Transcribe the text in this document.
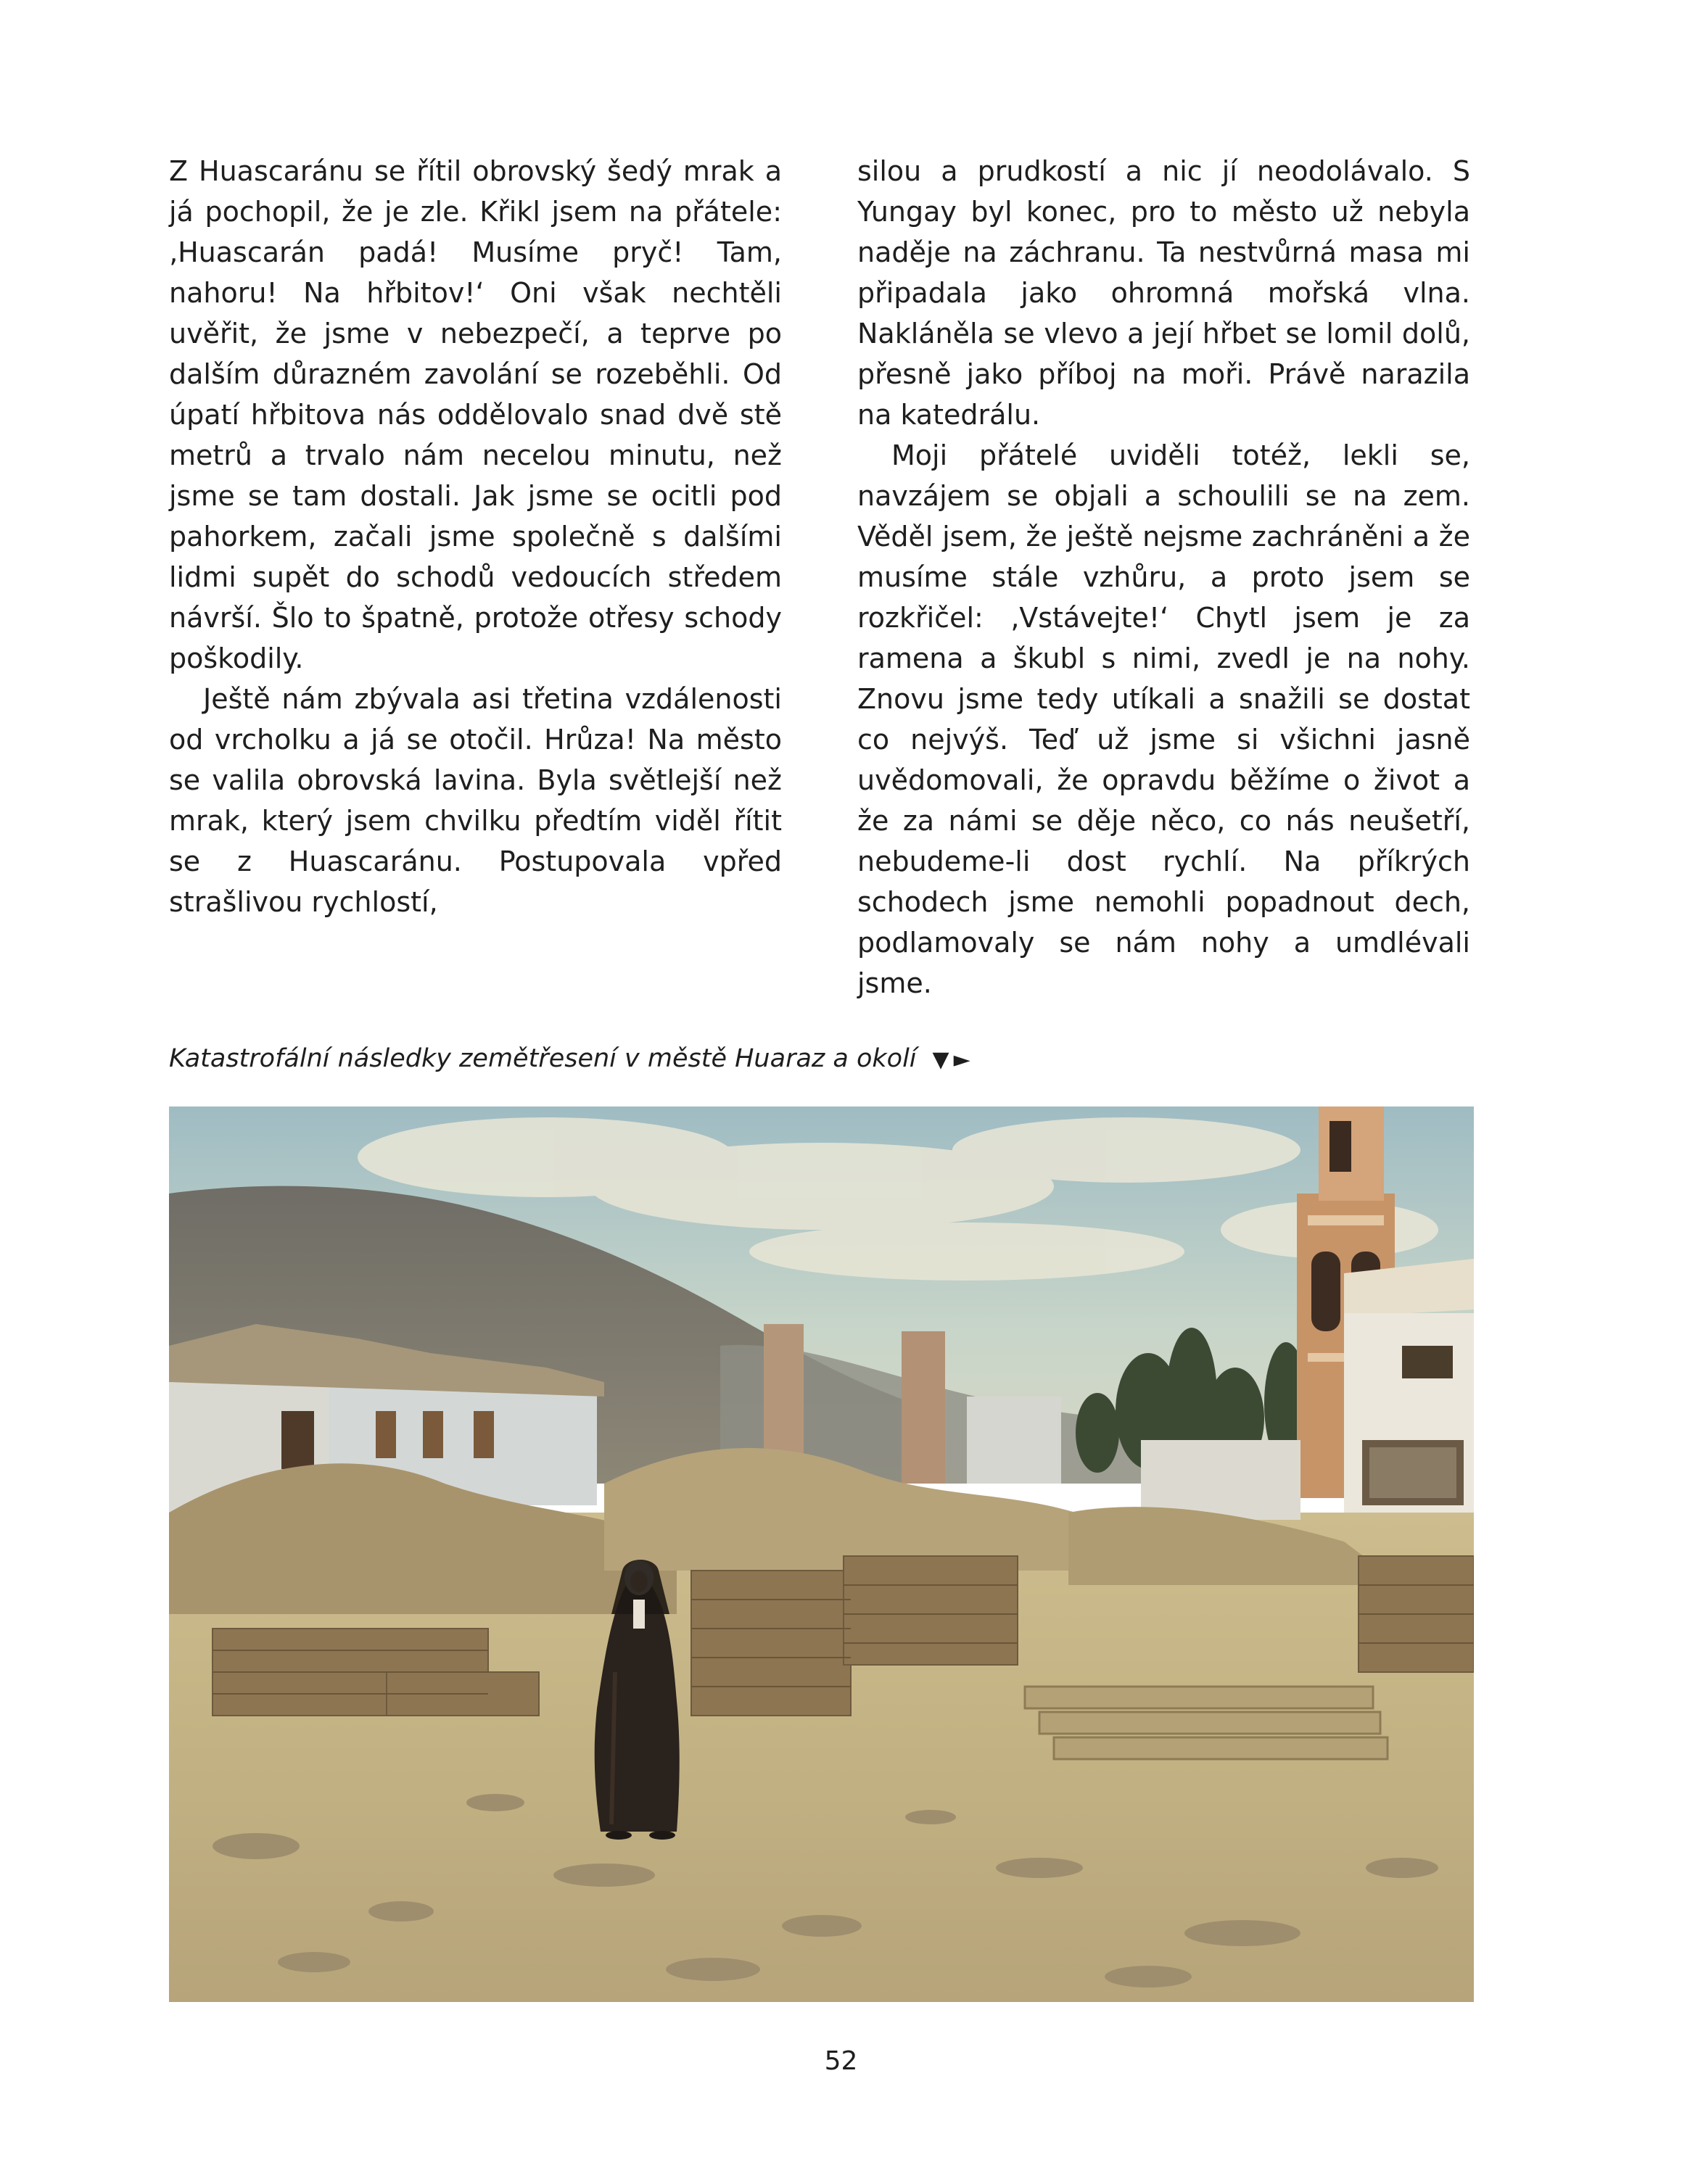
Z Huascaránu se řítil obrovský šedý mrak a já pochopil, že je zle. Křikl jsem na přátele: ‚Huascarán padá! Musíme pryč! Tam, nahoru! Na hřbitov!‘ Oni však nechtěli uvěřit, že jsme v nebezpečí, a teprve po dalším důrazném zavolání se rozeběhli. Od úpatí hřbitova nás oddělovalo snad dvě stě metrů a trvalo nám necelou minutu, než jsme se tam dostali. Jak jsme se ocitli pod pahorkem, začali jsme společně s dalšími lidmi supět do schodů vedoucích středem návrší. Šlo to špatně, protože otřesy schody poškodily.

Ještě nám zbývala asi třetina vzdálenosti od vrcholku a já se otočil. Hrůza! Na město se valila obrovská lavina. Byla světlejší než mrak, který jsem chvilku předtím viděl řítit se z Huascaránu. Postupovala vpřed strašlivou rychlostí,

silou a prudkostí a nic jí neodolávalo. S Yungay byl konec, pro to město už nebyla naděje na záchranu. Ta nestvůrná masa mi připadala jako ohromná mořská vlna. Nakláněla se vlevo a její hřbet se lomil dolů, přesně jako příboj na moři. Právě narazila na katedrálu.

Moji přátelé uviděli totéž, lekli se, navzájem se objali a schoulili se na zem. Věděl jsem, že ještě nejsme zachráněni a že musíme stále vzhůru, a proto jsem se rozkřičel: ‚Vstávejte!‘ Chytl jsem je za ramena a škubl s nimi, zvedl je na nohy. Znovu jsme tedy utíkali a snažili se dostat co nejvýš. Teď už jsme si všichni jasně uvědomovali, že opravdu běžíme o život a že za námi se děje něco, co nás neušetří, nebudeme-li dost rychlí. Na příkrých schodech jsme nemohli popadnout dech, podlamovaly se nám nohy a umdlévali jsme.

Katastrofální následky zemětřesení v městě Huaraz a okolí ▼►
52
